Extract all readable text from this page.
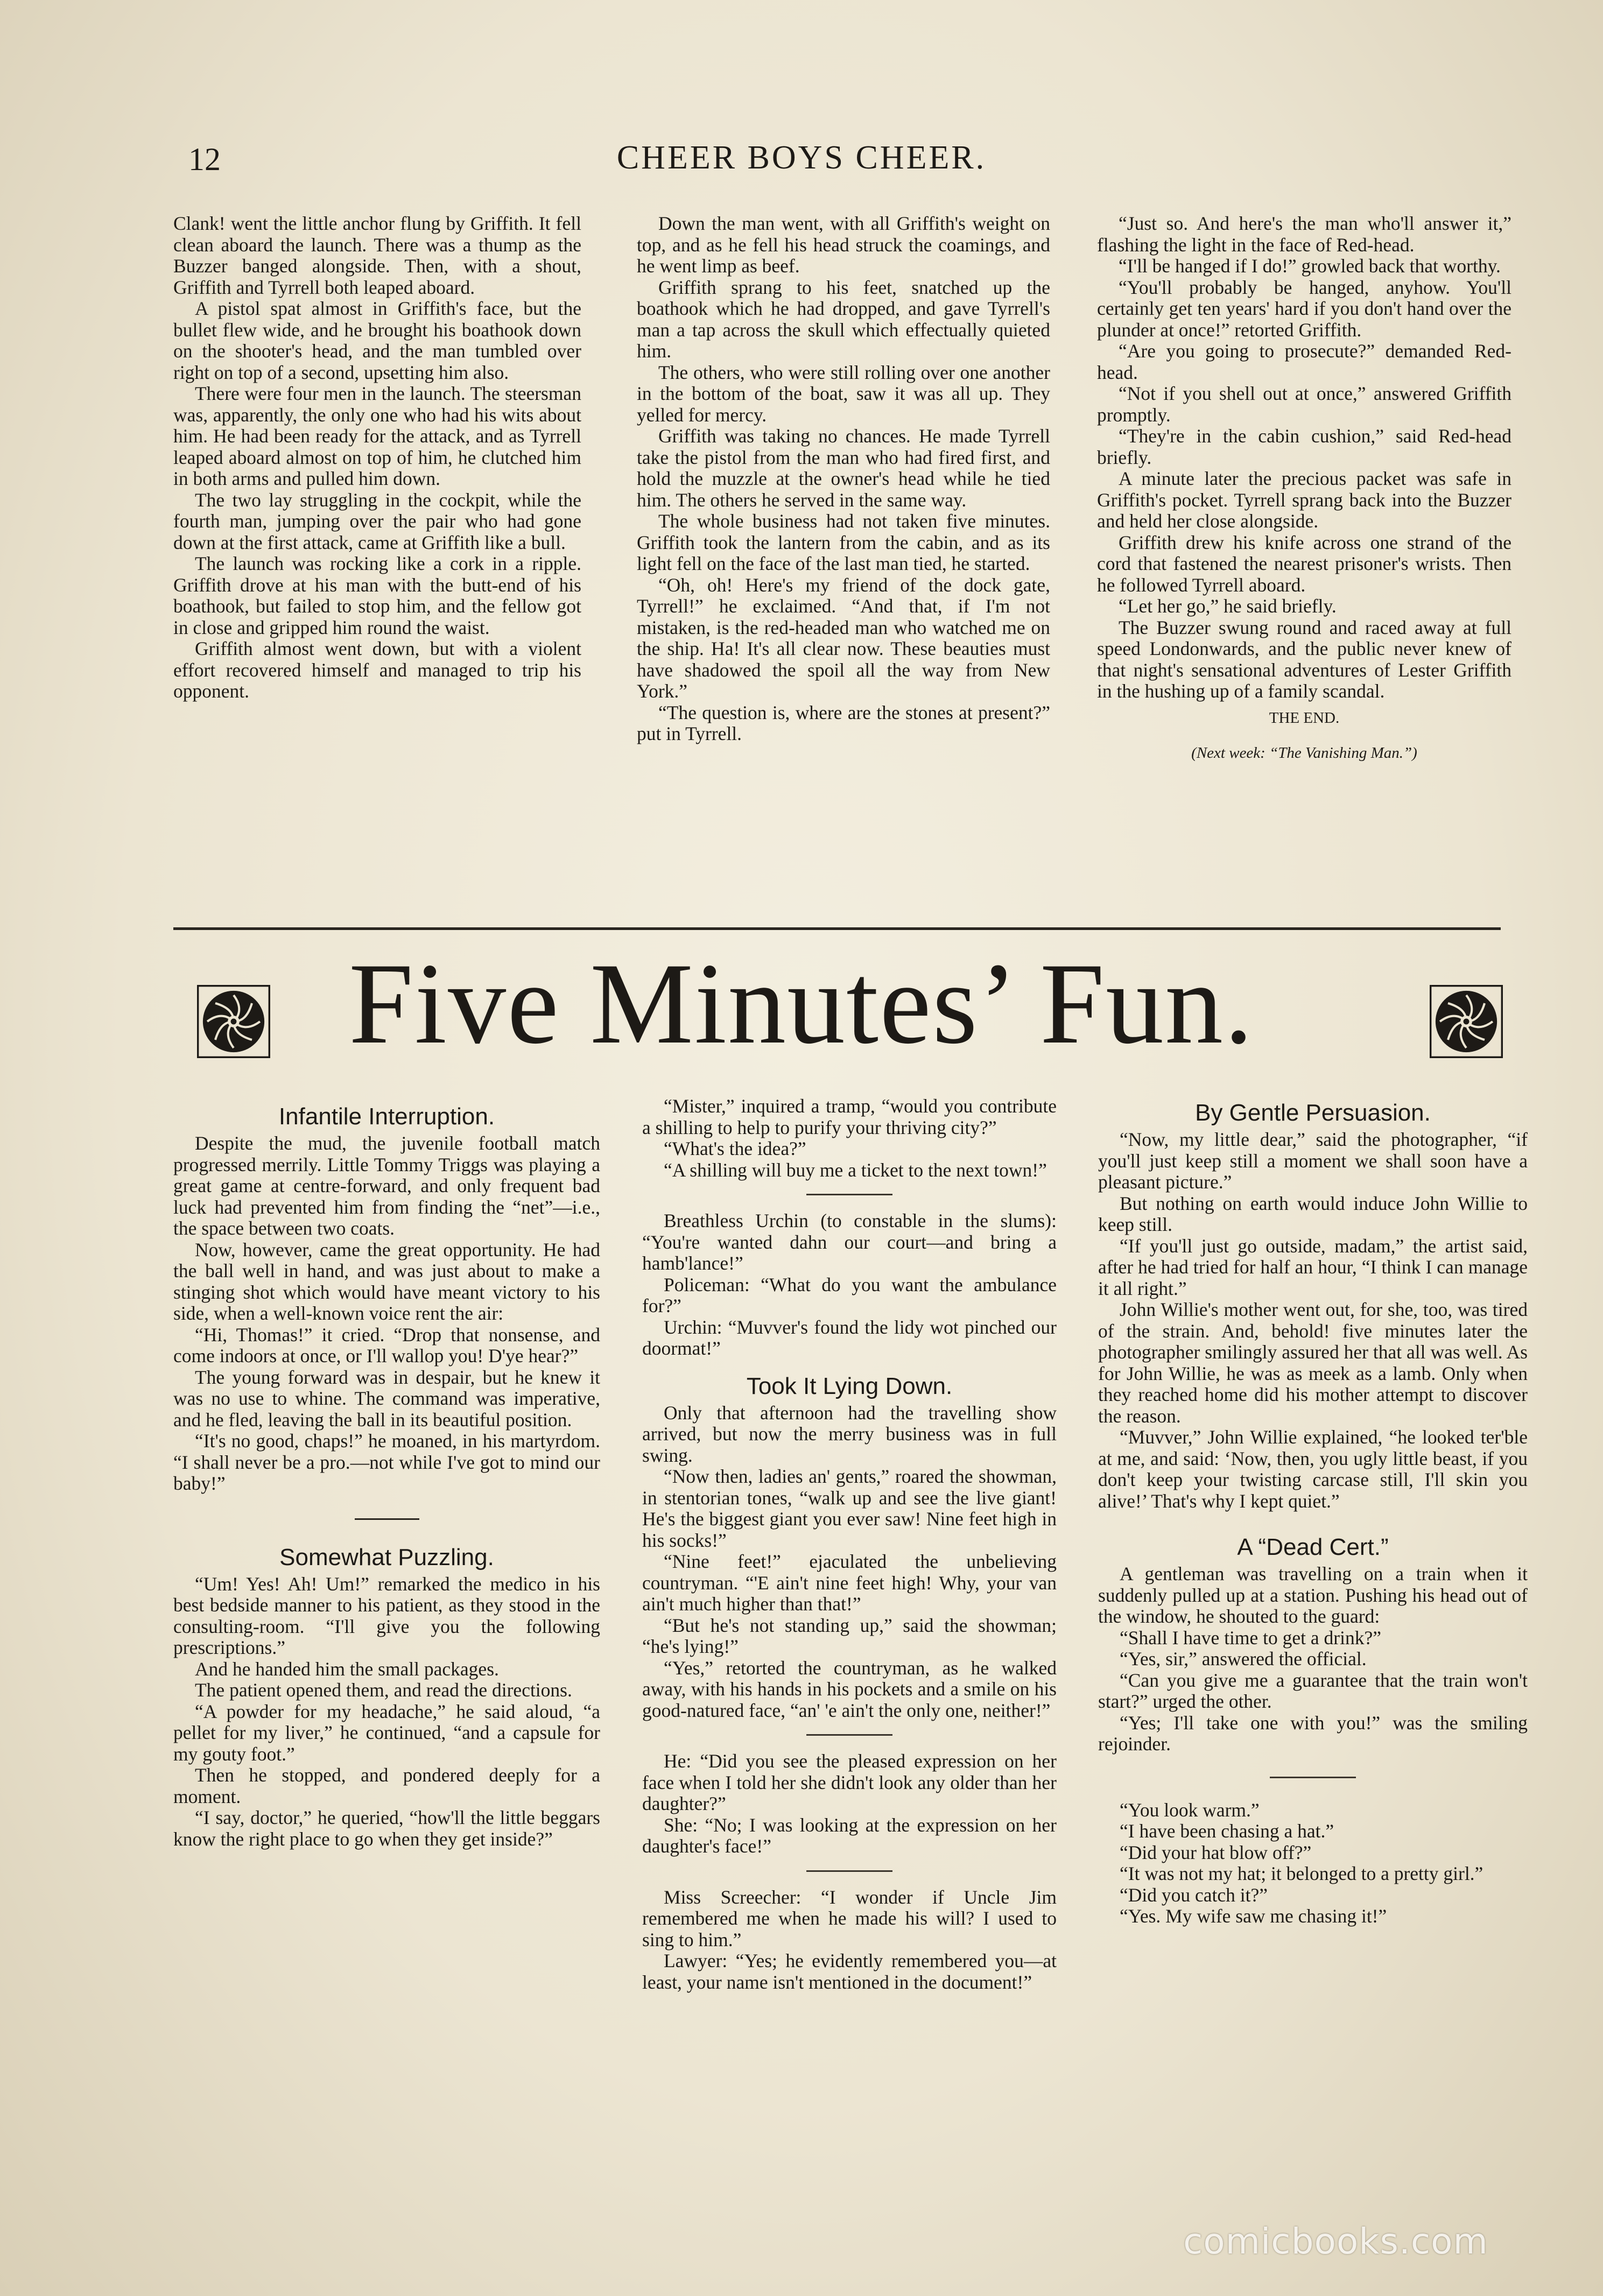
12	CHEER BOYS CHEER.

Clank! went the little anchor flung by Griffith. It fell clean aboard the launch. There was a thump as the Buzzer banged alongside. Then, with a shout, Griffith and Tyrrell both leaped aboard.

A pistol spat almost in Griffith's face, but the bullet flew wide, and he brought his boathook down on the shooter's head, and the man tumbled over right on top of a second, upsetting him also.

There were four men in the launch. The steersman was, apparently, the only one who had his wits about him. He had been ready for the attack, and as Tyrrell leaped aboard almost on top of him, he clutched him in both arms and pulled him down.

The two lay struggling in the cockpit, while the fourth man, jumping over the pair who had gone down at the first attack, came at Griffith like a bull.

The launch was rocking like a cork in a ripple. Griffith drove at his man with the butt-end of his boathook, but failed to stop him, and the fellow got in close and gripped him round the waist.

Griffith almost went down, but with a violent effort recovered himself and managed to trip his opponent.

Down the man went, with all Griffith's weight on top, and as he fell his head struck the coamings, and he went limp as beef.

Griffith sprang to his feet, snatched up the boathook which he had dropped, and gave Tyrrell's man a tap across the skull which effectually quieted him.

The others, who were still rolling over one another in the bottom of the boat, saw it was all up. They yelled for mercy.

Griffith was taking no chances. He made Tyrrell take the pistol from the man who had fired first, and hold the muzzle at the owner's head while he tied him. The others he served in the same way.

The whole business had not taken five minutes. Griffith took the lantern from the cabin, and as its light fell on the face of the last man tied, he started.

“Oh, oh! Here's my friend of the dock gate, Tyrrell!” he exclaimed. “And that, if I'm not mistaken, is the red-headed man who watched me on the ship. Ha! It's all clear now. These beauties must have shadowed the spoil all the way from New York.”

“The question is, where are the stones at present?” put in Tyrrell.

“Just so. And here's the man who'll answer it,” flashing the light in the face of Red-head.

“I'll be hanged if I do!” growled back that worthy.

“You'll probably be hanged, anyhow. You'll certainly get ten years' hard if you don't hand over the plunder at once!” retorted Griffith.

“Are you going to prosecute?” demanded Red-head.

“Not if you shell out at once,” answered Griffith promptly.

“They're in the cabin cushion,” said Red-head briefly.

A minute later the precious packet was safe in Griffith's pocket. Tyrrell sprang back into the Buzzer and held her close alongside.

Griffith drew his knife across one strand of the cord that fastened the nearest prisoner's wrists. Then he followed Tyrrell aboard.

“Let her go,” he said briefly.

The Buzzer swung round and raced away at full speed Londonwards, and the public never knew of that night's sensational adventures of Lester Griffith in the hushing up of a family scandal.

THE END.

(Next week: “The Vanishing Man.”)

Five Minutes’ Fun.
Infantile Interruption.

Despite the mud, the juvenile football match progressed merrily. Little Tommy Triggs was playing a great game at centre-forward, and only frequent bad luck had prevented him from finding the “net”—i.e., the space between two coats.

Now, however, came the great opportunity. He had the ball well in hand, and was just about to make a stinging shot which would have meant victory to his side, when a well-known voice rent the air:

“Hi, Thomas!” it cried. “Drop that nonsense, and come indoors at once, or I'll wallop you! D'ye hear?”

The young forward was in despair, but he knew it was no use to whine. The command was imperative, and he fled, leaving the ball in its beautiful position.

“It's no good, chaps!” he moaned, in his martyrdom. “I shall never be a pro.—not while I've got to mind our baby!”

Somewhat Puzzling.

“Um! Yes! Ah! Um!” remarked the medico in his best bedside manner to his patient, as they stood in the consulting-room. “I'll give you the following prescriptions.”

And he handed him the small packages.

The patient opened them, and read the directions.

“A powder for my headache,” he said aloud, “a pellet for my liver,” he continued, “and a capsule for my gouty foot.”

Then he stopped, and pondered deeply for a moment.

“I say, doctor,” he queried, “how'll the little beggars know the right place to go when they get inside?”

“Mister,” inquired a tramp, “would you contribute a shilling to help to purify your thriving city?”

“What's the idea?”

“A shilling will buy me a ticket to the next town!”

Breathless Urchin (to constable in the slums): “You're wanted dahn our court—and bring a hamb'lance!”

Policeman: “What do you want the ambulance for?”

Urchin: “Muvver's found the lidy wot pinched our doormat!”

Took It Lying Down.

Only that afternoon had the travelling show arrived, but now the merry business was in full swing.

“Now then, ladies an' gents,” roared the showman, in stentorian tones, “walk up and see the live giant! He's the biggest giant you ever saw! Nine feet high in his socks!”

“Nine feet!” ejaculated the unbelieving countryman. “'E ain't nine feet high! Why, your van ain't much higher than that!”

“But he's not standing up,” said the showman; “he's lying!”

“Yes,” retorted the countryman, as he walked away, with his hands in his pockets and a smile on his good-natured face, “an' 'e ain't the only one, neither!”

He: “Did you see the pleased expression on her face when I told her she didn't look any older than her daughter?”

She: “No; I was looking at the expression on her daughter's face!”

Miss Screecher: “I wonder if Uncle Jim remembered me when he made his will? I used to sing to him.”

Lawyer: “Yes; he evidently remembered you—at least, your name isn't mentioned in the document!”

By Gentle Persuasion.

“Now, my little dear,” said the photographer, “if you'll just keep still a moment we shall soon have a pleasant picture.”

But nothing on earth would induce John Willie to keep still.

“If you'll just go outside, madam,” the artist said, after he had tried for half an hour, “I think I can manage it all right.”

John Willie's mother went out, for she, too, was tired of the strain. And, behold! five minutes later the photographer smilingly assured her that all was well. As for John Willie, he was as meek as a lamb. Only when they reached home did his mother attempt to discover the reason.

“Muvver,” John Willie explained, “he looked ter'ble at me, and said: ‘Now, then, you ugly little beast, if you don't keep your twisting carcase still, I'll skin you alive!’ That's why I kept quiet.”

A “Dead Cert.”

A gentleman was travelling on a train when it suddenly pulled up at a station. Pushing his head out of the window, he shouted to the guard:

“Shall I have time to get a drink?”

“Yes, sir,” answered the official.

“Can you give me a guarantee that the train won't start?” urged the other.

“Yes; I'll take one with you!” was the smiling rejoinder.

“You look warm.”

“I have been chasing a hat.”

“Did your hat blow off?”

“It was not my hat; it belonged to a pretty girl.”

“Did you catch it?”

“Yes. My wife saw me chasing it!”

comicbooks.com
